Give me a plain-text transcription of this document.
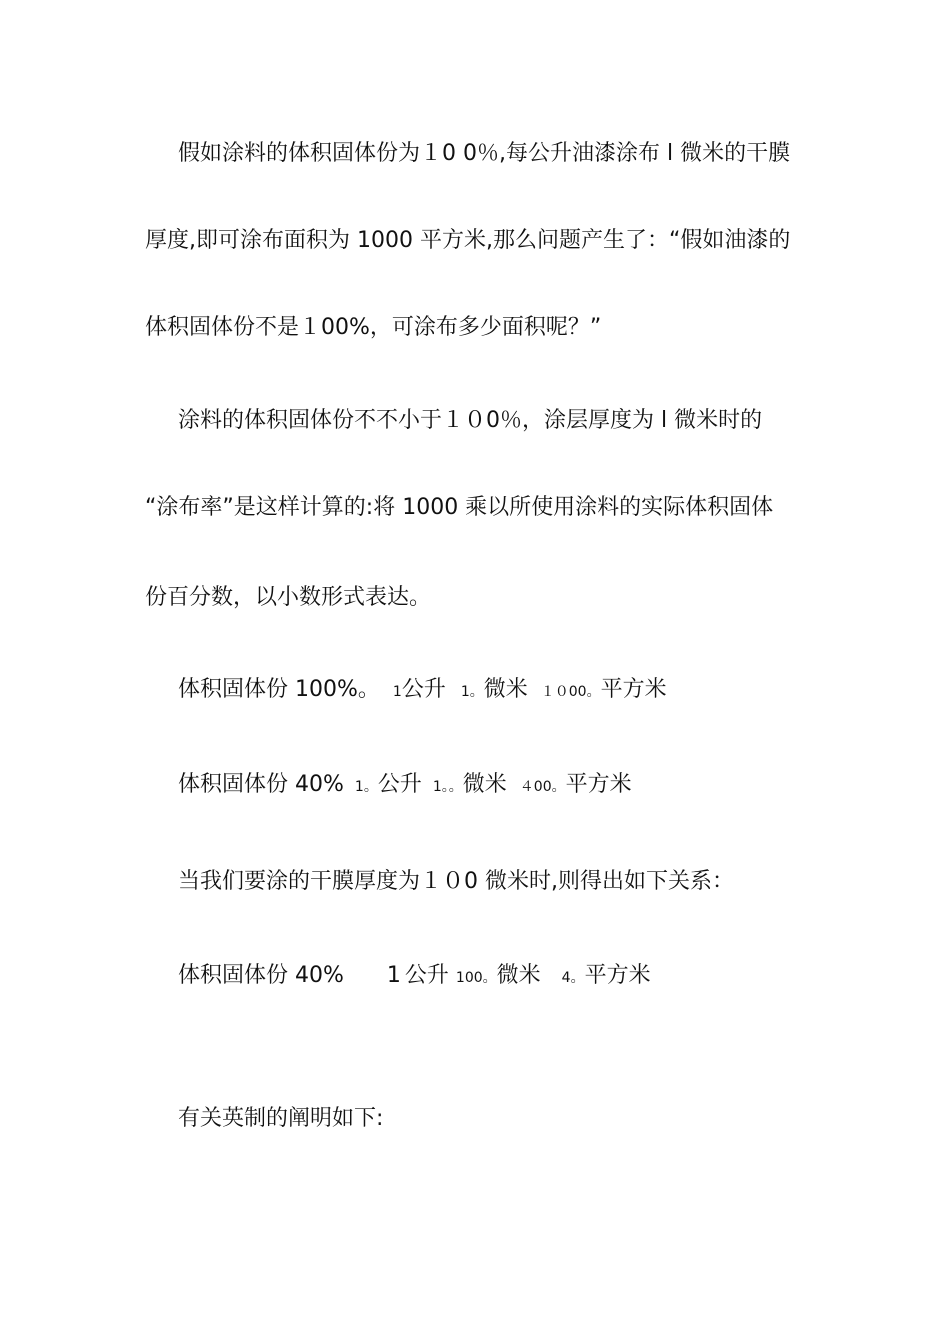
假如涂料的体积固体份为１0 0％,每公升油漆涂布 l 微米的干膜
厚度,即可涂布面积为 1000 平方米,那么问题产生了：“假如油漆的
体积固体份不是１00%，可涂布多少面积呢？”
涂料的体积固体份不不小于１０0％，涂层厚度为 l 微米时的
“涂布率”是这样计算的:将 1000 乘以所使用涂料的实际体积固体
份百分数，以小数形式表达。
体积固体份 100%。 1公升 1。微米 １０00。平方米
体积固体份 40% 1。公升 1。。微米 ４00。平方米
当我们要涂的干膜厚度为１０0 微米时,则得出如下关系：
体积固体份 40% 1 公升 100。微米 4。平方米
有关英制的阐明如下:
